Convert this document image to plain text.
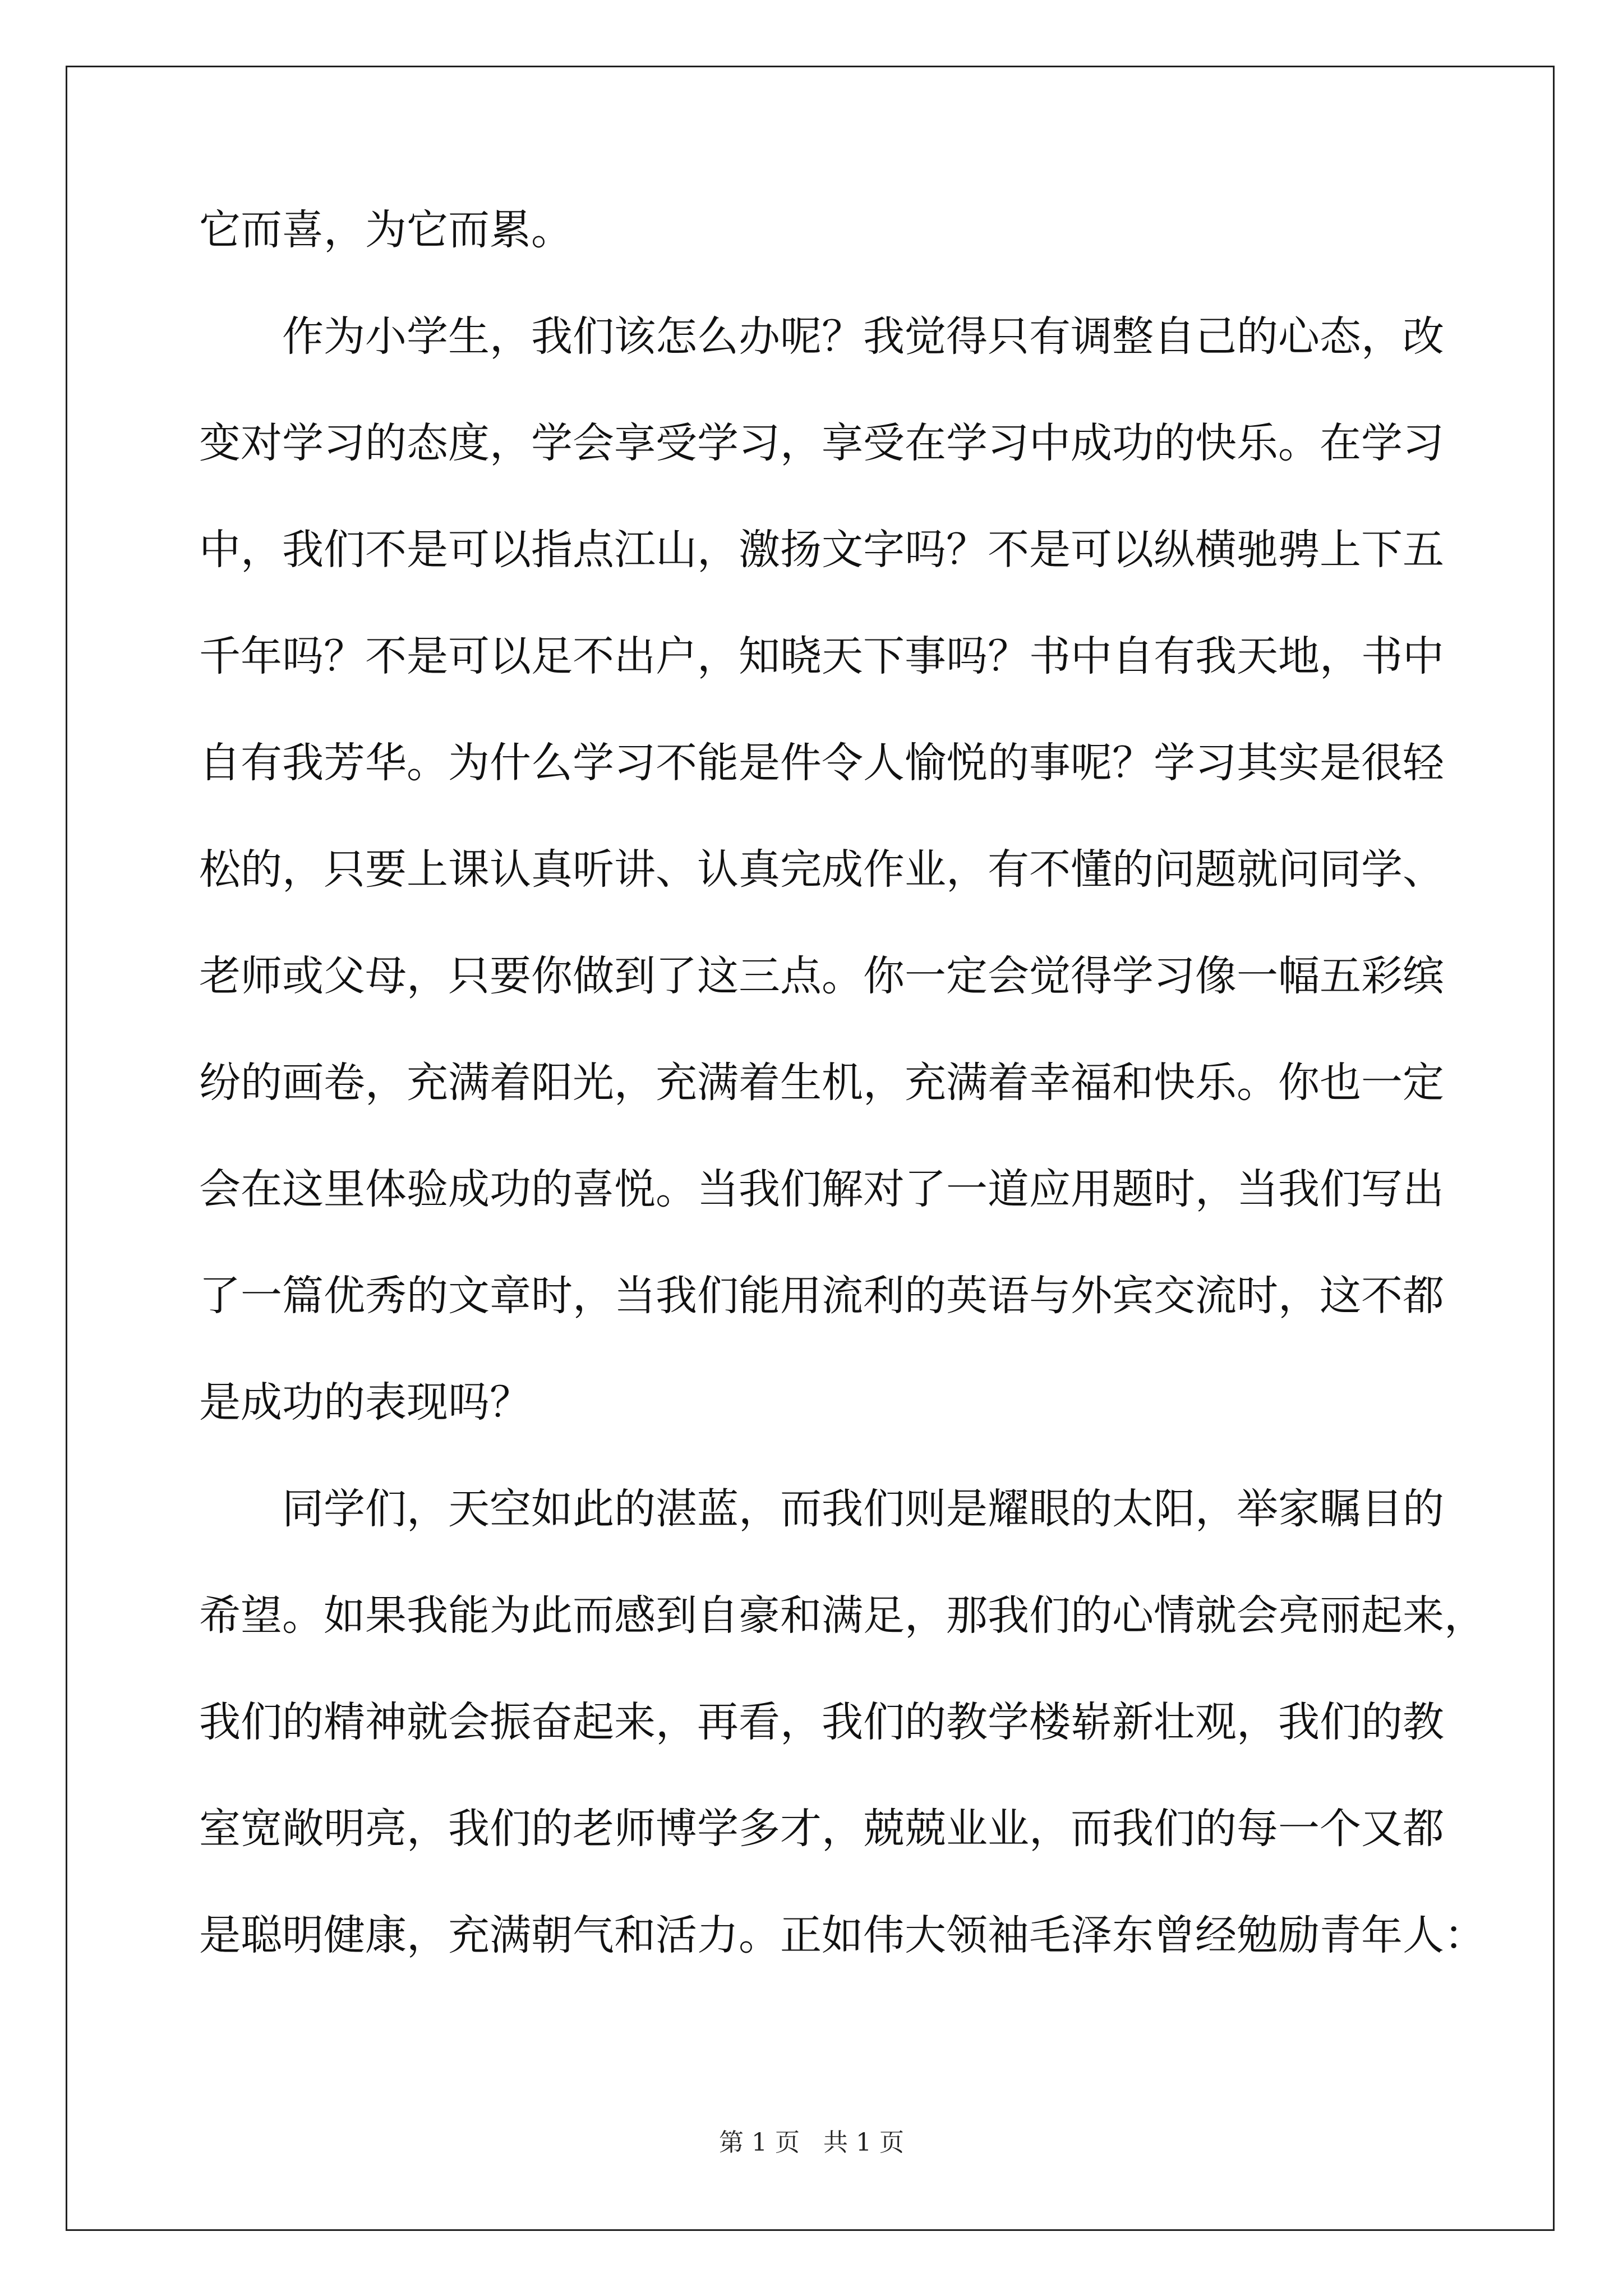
它而喜，为它而累。
作为小学生，我们该怎么办呢？我觉得只有调整自己的心态，改
变对学习的态度，学会享受学习，享受在学习中成功的快乐。在学习
中，我们不是可以指点江山，激扬文字吗？不是可以纵横驰骋上下五
千年吗？不是可以足不出户，知晓天下事吗？书中自有我天地，书中
自有我芳华。为什么学习不能是件令人愉悦的事呢？学习其实是很轻
松的，只要上课认真听讲、认真完成作业，有不懂的问题就问同学、
老师或父母，只要你做到了这三点。你一定会觉得学习像一幅五彩缤
纷的画卷，充满着阳光，充满着生机，充满着幸福和快乐。你也一定
会在这里体验成功的喜悦。当我们解对了一道应用题时，当我们写出
了一篇优秀的文章时，当我们能用流利的英语与外宾交流时，这不都
是成功的表现吗？
同学们，天空如此的湛蓝，而我们则是耀眼的太阳，举家瞩目的
希望。如果我能为此而感到自豪和满足，那我们的心情就会亮丽起来，
我们的精神就会振奋起来，再看，我们的教学楼崭新壮观，我们的教
室宽敞明亮，我们的老师博学多才，兢兢业业，而我们的每一个又都
是聪明健康，充满朝气和活力。正如伟大领袖毛泽东曾经勉励青年人：
第 1 页 共 1 页
